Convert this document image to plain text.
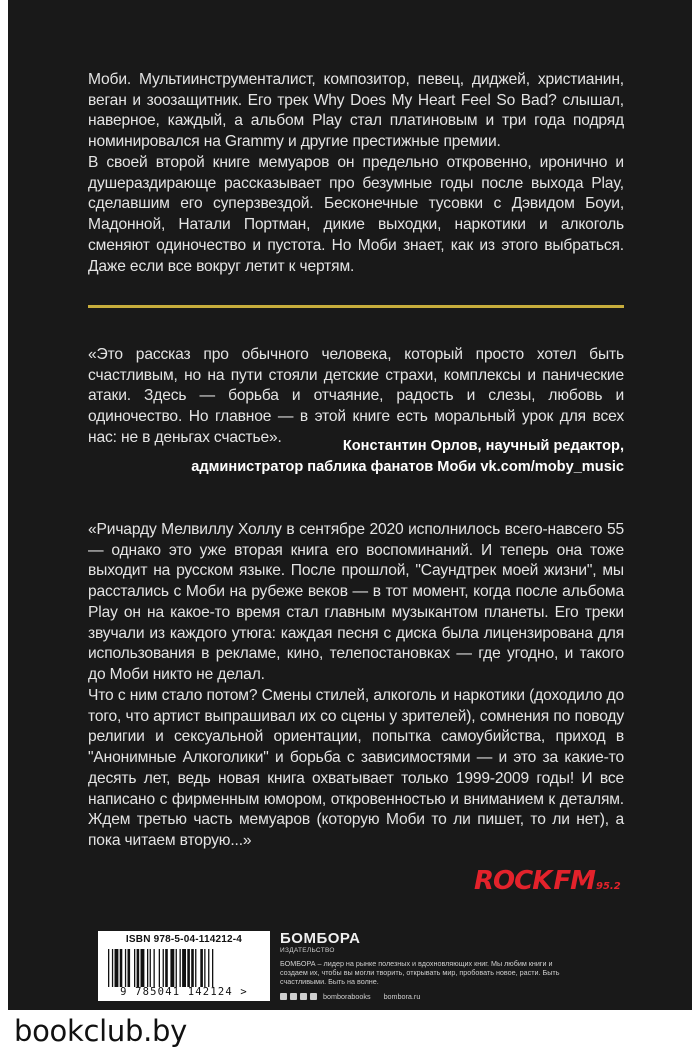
Моби. Мультиинструменталист, композитор, певец, диджей, христианин, веган и зоозащитник. Его трек Why Does My Heart Feel So Bad? слышал, наверное, каждый, а альбом Play стал платиновым и три года подряд номинировался на Grammy и другие престижные премии.

В своей второй книге мемуаров он предельно откровенно, иронично и душераздирающе рассказывает про безумные годы после выхода Play, сделавшим его суперзвездой. Бесконечные тусовки с Дэвидом Боуи, Мадонной, Натали Портман, дикие выходки, наркотики и алкоголь сменяют одиночество и пустота. Но Моби знает, как из этого выбраться. Даже если все вокруг летит к чертям.

«Это рассказ про обычного человека, который просто хотел быть счастливым, но на пути стояли детские страхи, комплексы и панические атаки. Здесь — борьба и отчаяние, радость и слезы, любовь и одиночество. Но главное — в этой книге есть моральный урок для всех нас: не в деньгах счастье».

Константин Орлов, научный редактор,

администратор паблика фанатов Моби vk.com/moby_music

«Ричарду Мелвиллу Холлу в сентябре 2020 исполнилось всего-навсего 55 — однако это уже вторая книга его воспоминаний. И теперь она тоже выходит на русском языке. После прошлой, "Саундтрек моей жизни", мы расстались с Моби на рубеже веков — в тот момент, когда после альбома Play он на какое-то время стал главным музыкантом планеты. Его треки звучали из каждого утюга: каждая песня с диска была лицензирована для использования в рекламе, кино, телепостановках — где угодно, и такого до Моби никто не делал.

Что с ним стало потом? Смены стилей, алкоголь и наркотики (доходило до того, что артист выпрашивал их со сцены у зрителей), сомнения по поводу религии и сексуальной ориентации, попытка самоубийства, приход в "Анонимные Алкоголики" и борьба с зависимостями — и это за какие-то десять лет, ведь новая книга охватывает только 1999-2009 годы! И все написано с фирменным юмором, откровенностью и вниманием к деталям. Ждем третью часть мемуаров (которую Моби то ли пишет, то ли нет), а пока читаем вторую...»

ROCK FM 95.2

ISBN 978-5-04-114212-4

9 785041 142124 >

БОМБОРА

ИЗДАТЕЛЬСТВО

БОМБОРА – лидер на рынке полезных и вдохновляющих книг. Мы любим книги и создаем их, чтобы вы могли творить, открывать мир, пробовать новое, расти. Быть счастливыми. Быть на волне.

bomborabooks bombora.ru

bookclub.by
